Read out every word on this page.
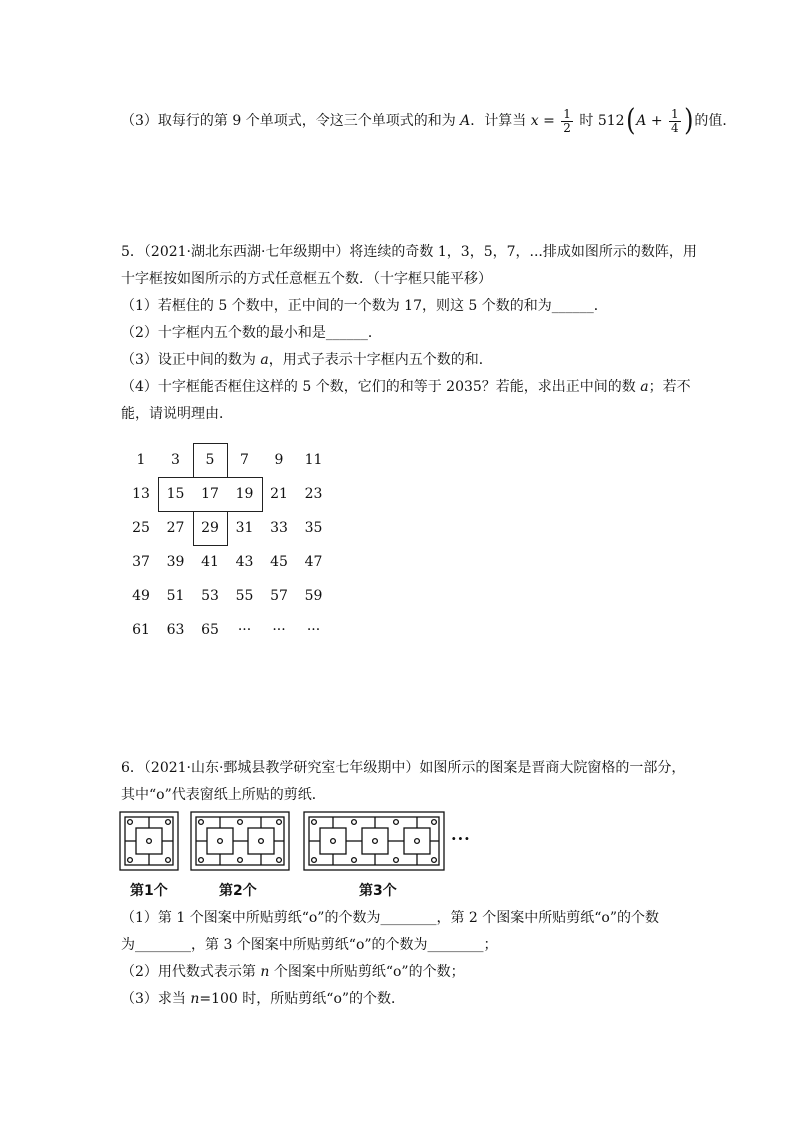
（3）取每行的第 9 个单项式，令这三个单项式的和为 A．计算当 $x = \frac{1}{2}$ 时 $512(A + \frac{1}{4}$ )的值．
5．（2021·湖北东西湖·七年级期中）将连续的奇数 1，3，5，7，...排成如图所示的数阵，用
十字框按如图所示的方式任意框五个数．（十字框只能平移）
（1）若框住的 5 个数中，正中间的一个数为 17，则这 5 个数的和为______．
（2）十字框内五个数的最小和是______．
（3）设正中间的数为 a，用式子表示十字框内五个数的和．
（4）十字框能否框住这样的 5 个数，它们的和等于 2035？若能，求出正中间的数 a；若不
能，请说明理由．
1	3	5	7	9	11
13	15	17	19	21	23
25	27	29	31	33	35
37	39	41	43	45	47
49	51	53	55	57	59
61	63	65	···	···	···
6．（2021·山东·鄄城县教学研究室七年级期中）如图所示的图案是晋商大院窗格的一部分，
其中“o”代表窗纸上所贴的剪纸．
···
第1个	第2个	第3个
（1）第 1 个图案中所贴剪纸“o”的个数为________，第 2 个图案中所贴剪纸“o”的个数
为________，第 3 个图案中所贴剪纸“o”的个数为________；
（2）用代数式表示第 n 个图案中所贴剪纸“o”的个数；
（3）求当 n=100 时，所贴剪纸“o”的个数．
